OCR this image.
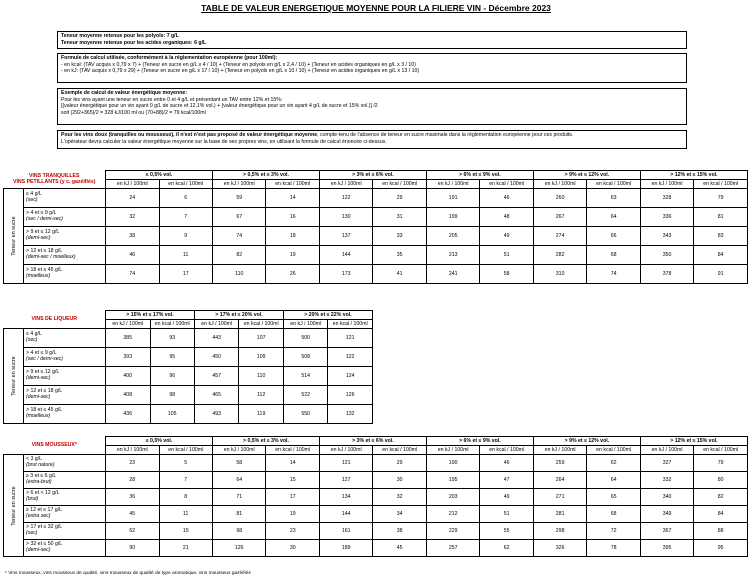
TABLE DE VALEUR ENERGETIQUE MOYENNE POUR LA FILIERE VIN - Décembre 2023
Teneur moyenne retenue pour les polyols: 7 g/L
Teneur moyenne retenue pour les acides organiques: 6 g/L
Formule de calcul utilisée, conformément à la réglementation européenne (pour 100ml):
- en kcal: (TAV acquis x 0,79 x 7) + (Teneur en sucre en g/L x 4 / 10) + (Teneur en polyols en g/L x 2,4 / 10) + (Teneur en acides organiques en g/L x 3 / 10)
- en kJ: (TAV acquis x 0,79 x 29) + (Teneur en sucre en g/L x 17 / 10) + (Teneur en polyols en g/L x 10 / 10) + (Teneur en acides organiques en g/L x 13 / 10)
Exemple de calcul de valeur énergétique moyenne:
Pour les vins ayant une teneur en sucre entre 0 et 4 g/L et présentant un TAV entre 12% et 15%:
[(valeur énergétique pour un vin ayant 0 g/L de sucre et 12,1% vol.) + (valeur énergétique pour un vin ayant 4 g/L de sucre et 15% vol.)] /2
soit (292+365)/2 = 328 kJ/100 ml ou (70+88)/2 = 79 kcal/100ml
Pour les vins doux (tranquilles ou mousseux), il n'est n'est pas proposé de valeur énergétique moyenne, compte-tenu de l'absence de teneur en sucre maximale dans la réglementation européenne pour ces produits.
L'opérateur devra calculer la valeur énergétique moyenne sur la base de ses propres vins, en utilisant la formule de calcul énoncée ci-dessus.
VINS TRANQUILLES
VINS PETILLANTS (y c. gazéifiés)		≤ 0,5% vol.		> 0,5% et ≤ 3% vol.		> 3% et ≤ 6% vol.		> 6% et ≤ 9% vol.		> 9% et ≤ 12% vol.		> 12% et ≤ 15% vol.	
		en kJ / 100ml	en kcal / 100ml	en kJ / 100ml	en kcal / 100ml	en kJ / 100ml	en kcal / 100ml	en kJ / 100ml	en kcal / 100ml	en kJ / 100ml	en kcal / 100ml	en kJ / 100ml	en kcal / 100ml

Teneur en sucre	≤ 4 g/L
(sec)	24	6	59	14	122	29	191	46	260	63	328	79
	> 4 et ≤ 9 g/L
(sec / demi-sec)	32	7	67	16	130	31	199	48	267	64	336	81
	> 9 et ≤ 12 g/L
(demi-sec)	38	9	74	18	137	33	205	49	274	66	343	83
	> 12 et ≤ 18 g/L
(demi-sec / moelleux)	46	11	82	19	144	35	213	51	282	68	350	84
	> 18 et ≤ 45 g/L
(moelleux)	74	17	110	26	173	41	241	58	310	74	378	91
VINS DE LIQUEUR		> 15% et ≤ 17% vol.		> 17% et ≤ 20% vol.		> 20% et ≤ 22% vol.	
		en kJ / 100ml	en kcal / 100ml	en kJ / 100ml	en kcal / 100ml	en kJ / 100ml	en kcal / 100ml

Teneur en sucre	≤ 4 g/L
(sec)	385	93	443	107	500	121
	> 4 et ≤ 9 g/L
(sec / demi-sec)	393	95	450	109	508	122
	> 9 et ≤ 12 g/L
(demi-sec)	400	96	457	110	514	124
	> 12 et ≤ 18 g/L
(demi-sec)	408	98	465	112	522	126
	> 18 et ≤ 45 g/L
(moelleux)	436	105	493	119	550	132
VINS MOUSSEUX*		≤ 0,5% vol.		> 0,5% et ≤ 3% vol.		> 3% et ≤ 6% vol.		> 6% et ≤ 9% vol.		> 9% et ≤ 12% vol.		> 12% et ≤ 15% vol.	
		en kJ / 100ml	en kcal / 100ml	en kJ / 100ml	en kcal / 100ml	en kJ / 100ml	en kcal / 100ml	en kJ / 100ml	en kcal / 100ml	en kJ / 100ml	en kcal / 100ml	en kJ / 100ml	en kcal / 100ml

Teneur en sucre	< 3 g/L
(brut nature)	23	5	58	14	121	29	190	46	259	62	327	79
	≥ 3 et ≤ 6 g/L
(extra-brut)	28	7	64	15	127	30	195	47	264	64	332	80
	> 6 et < 12 g/L
(brut)	36	8	71	17	134	32	203	49	271	65	340	82
	≥ 12 et ≤ 17 g/L
(extra sec)	45	11	81	19	144	34	212	51	281	68	349	84
	> 17 et ≤ 32 g/L
(sec)	62	15	98	23	161	38	229	55	298	72	367	88
	> 32 et ≤ 50 g/L
(demi-sec)	90	21	126	30	189	45	257	62	326	78	395	95
* Vins mousseux, vins mousseux de qualité, vins mousseux de qualité de type aromatique, vins mousseux gazéifiés
